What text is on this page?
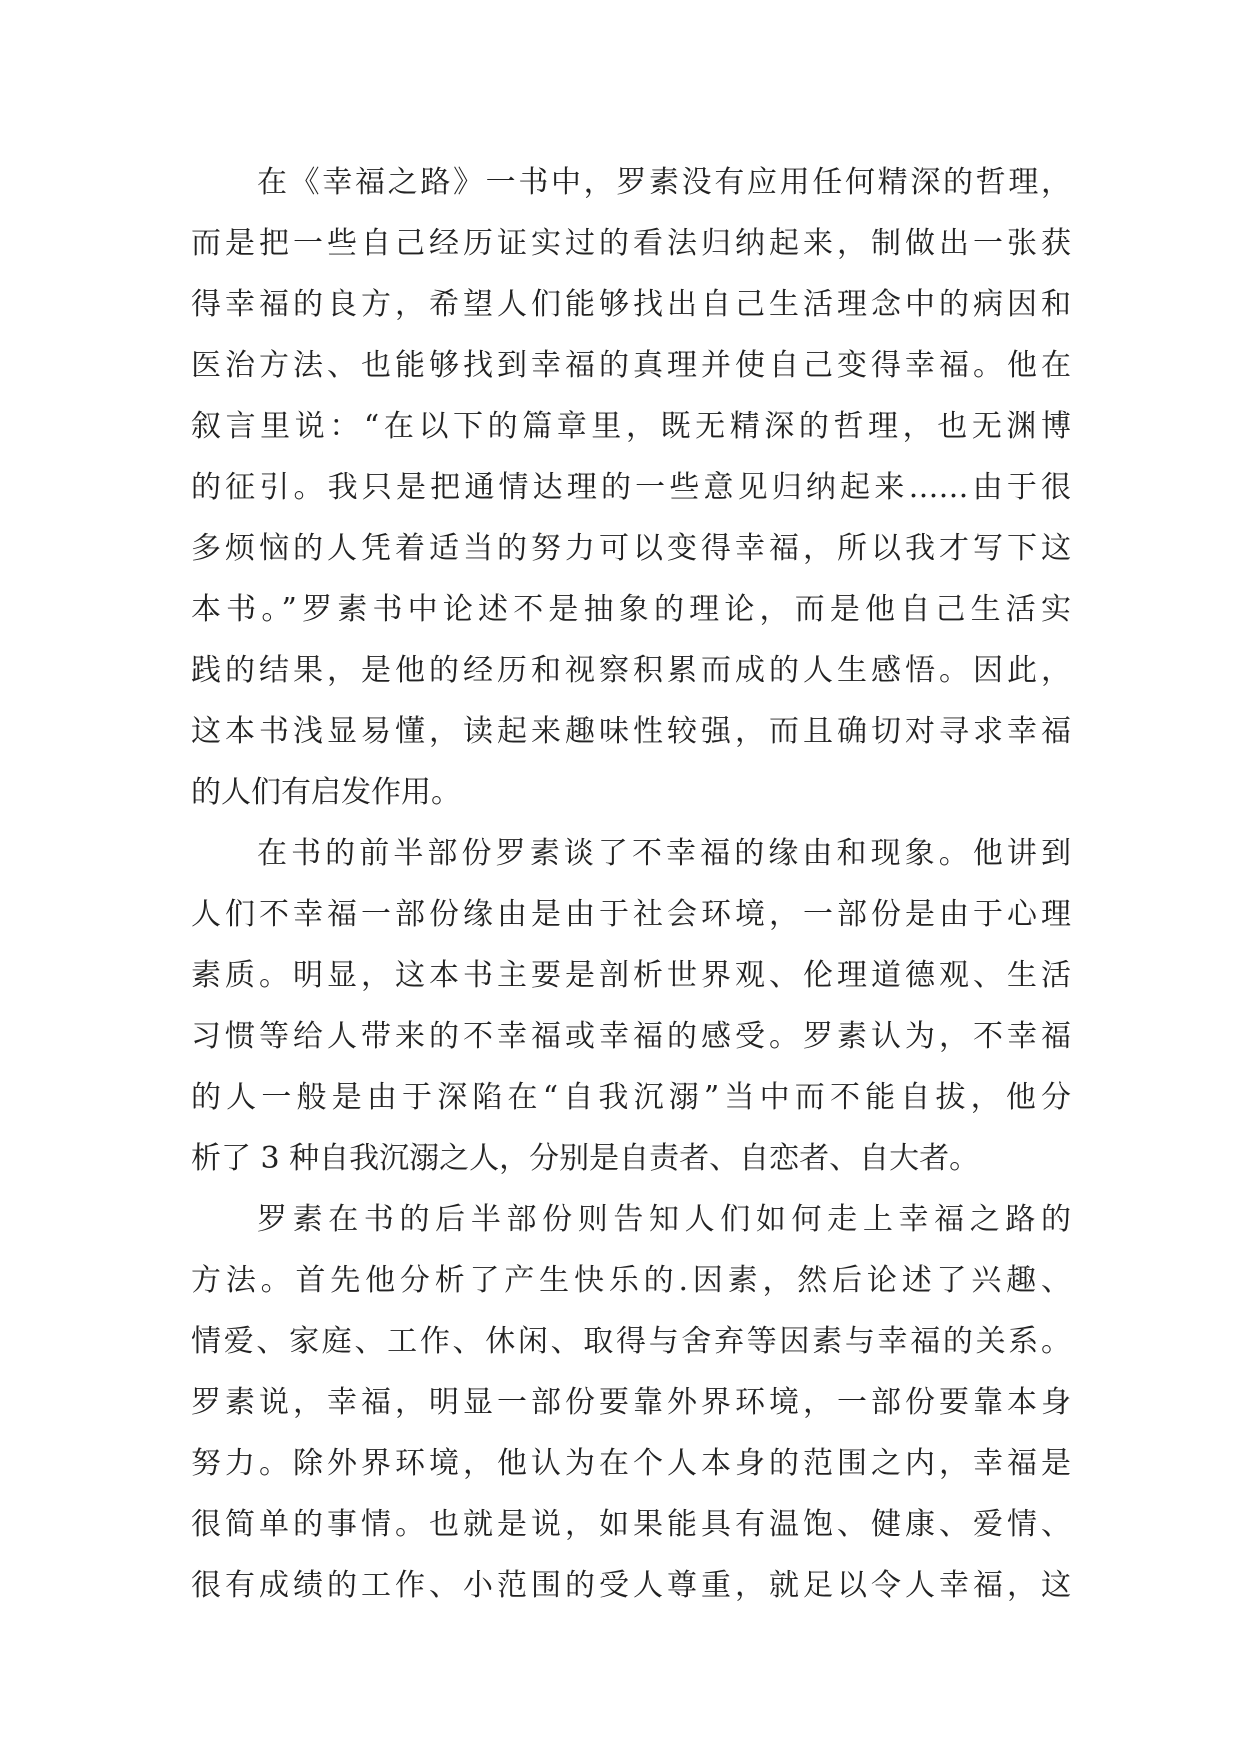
在《幸福之路》一书中，罗素没有应用任何精深的哲理，
而是把一些自己经历证实过的看法归纳起来，制做出一张获
得幸福的良方，希望人们能够找出自己生活理念中的病因和
医治方法、也能够找到幸福的真理并使自己变得幸福。他在
叙言里说：“在以下的篇章里，既无精深的哲理，也无渊博
的征引。我只是把通情达理的一些意见归纳起来……由于很
多烦恼的人凭着适当的努力可以变得幸福，所以我才写下这
本书。”罗素书中论述不是抽象的理论，而是他自己生活实
践的结果，是他的经历和视察积累而成的人生感悟。因此，
这本书浅显易懂，读起来趣味性较强，而且确切对寻求幸福
的人们有启发作用。
在书的前半部份罗素谈了不幸福的缘由和现象。他讲到
人们不幸福一部份缘由是由于社会环境，一部份是由于心理
素质。明显，这本书主要是剖析世界观、伦理道德观、生活
习惯等给人带来的不幸福或幸福的感受。罗素认为，不幸福
的人一般是由于深陷在“自我沉溺”当中而不能自拔，他分
析了 3 种自我沉溺之人，分别是自责者、自恋者、自大者。
罗素在书的后半部份则告知人们如何走上幸福之路的
方法。首先他分析了产生快乐的.因素，然后论述了兴趣、
情爱、家庭、工作、休闲、取得与舍弃等因素与幸福的关系。
罗素说，幸福，明显一部份要靠外界环境，一部份要靠本身
努力。除外界环境，他认为在个人本身的范围之内，幸福是
很简单的事情。也就是说，如果能具有温饱、健康、爱情、
很有成绩的工作、小范围的受人尊重，就足以令人幸福，这
